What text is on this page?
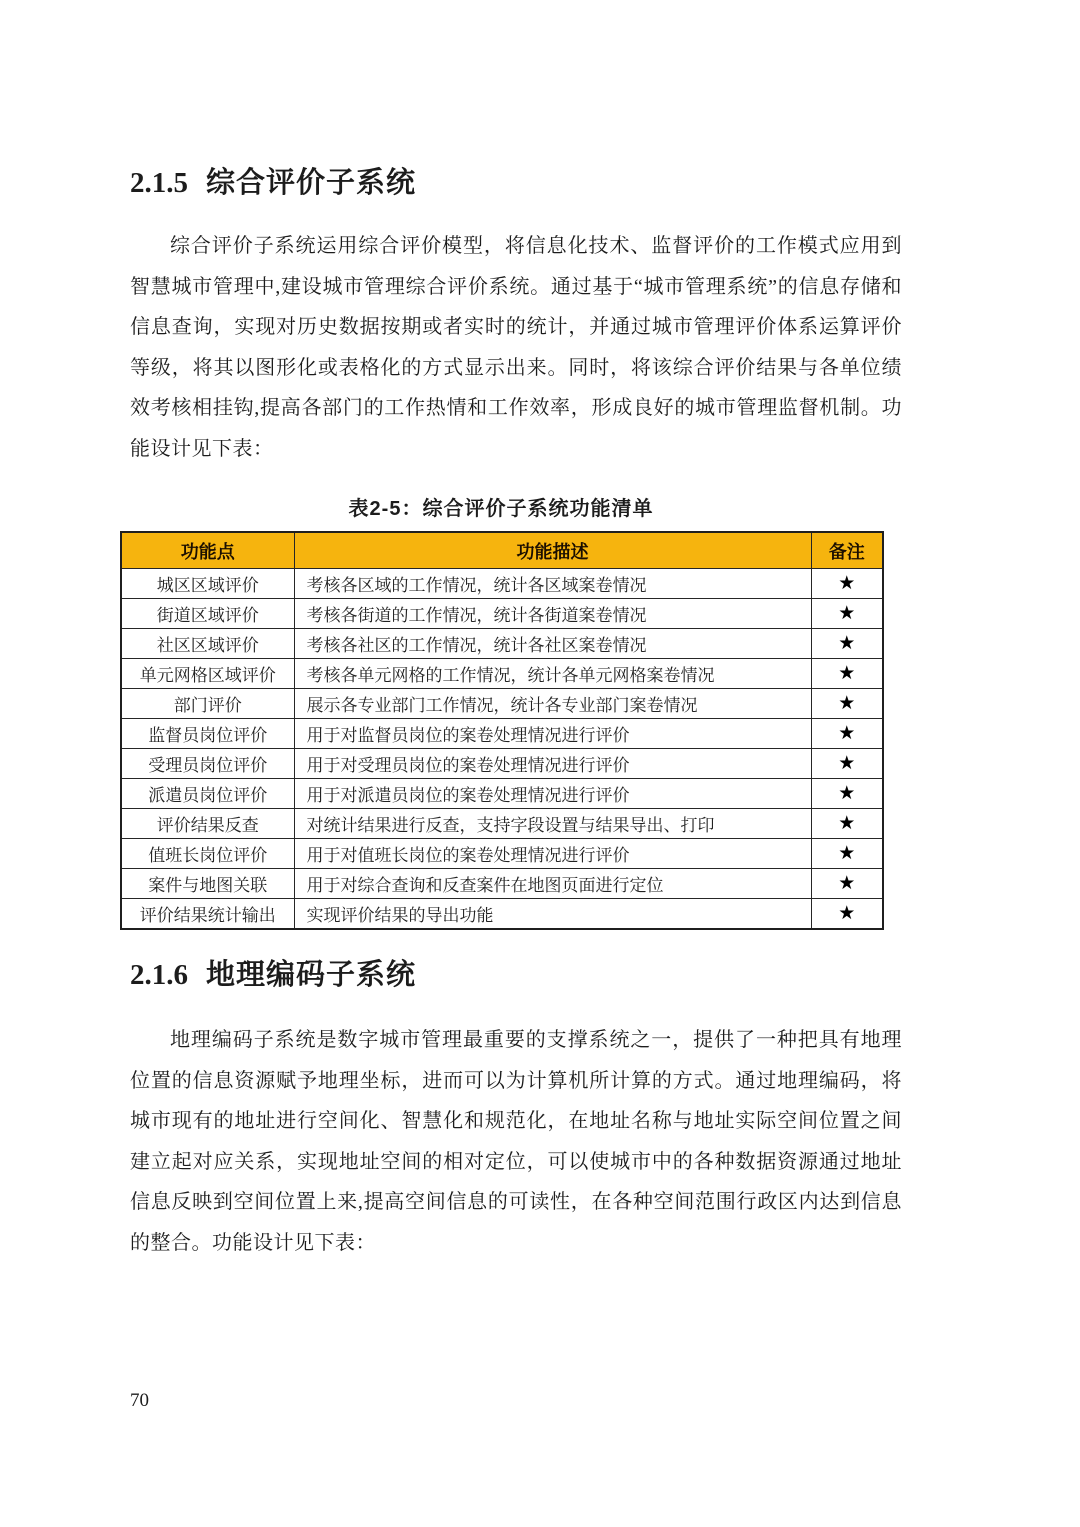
2.1.5 综合评价子系统
综合评价子系统运用综合评价模型，将信息化技术、监督评价的工作模式应用到智慧城市管理中,建设城市管理综合评价系统。通过基于“城市管理系统”的信息存储和信息查询，实现对历史数据按期或者实时的统计，并通过城市管理评价体系运算评价等级，将其以图形化或表格化的方式显示出来。同时，将该综合评价结果与各单位绩效考核相挂钩,提高各部门的工作热情和工作效率，形成良好的城市管理监督机制。功能设计见下表：
表2-5：综合评价子系统功能清单
功能点	功能描述	备注
城区区域评价	考核各区域的工作情况，统计各区域案卷情况	★
街道区域评价	考核各街道的工作情况，统计各街道案卷情况	★
社区区域评价	考核各社区的工作情况，统计各社区案卷情况	★
单元网格区域评价	考核各单元网格的工作情况，统计各单元网格案卷情况	★
部门评价	展示各专业部门工作情况，统计各专业部门案卷情况	★
监督员岗位评价	用于对监督员岗位的案卷处理情况进行评价	★
受理员岗位评价	用于对受理员岗位的案卷处理情况进行评价	★
派遣员岗位评价	用于对派遣员岗位的案卷处理情况进行评价	★
评价结果反查	对统计结果进行反查，支持字段设置与结果导出、打印	★
值班长岗位评价	用于对值班长岗位的案卷处理情况进行评价	★
案件与地图关联	用于对综合查询和反查案件在地图页面进行定位	★
评价结果统计输出	实现评价结果的导出功能	★
2.1.6 地理编码子系统
地理编码子系统是数字城市管理最重要的支撑系统之一，提供了一种把具有地理位置的信息资源赋予地理坐标，进而可以为计算机所计算的方式。通过地理编码，将城市现有的地址进行空间化、智慧化和规范化，在地址名称与地址实际空间位置之间建立起对应关系，实现地址空间的相对定位，可以使城市中的各种数据资源通过地址信息反映到空间位置上来,提高空间信息的可读性，在各种空间范围行政区内达到信息的整合。功能设计见下表：
70
